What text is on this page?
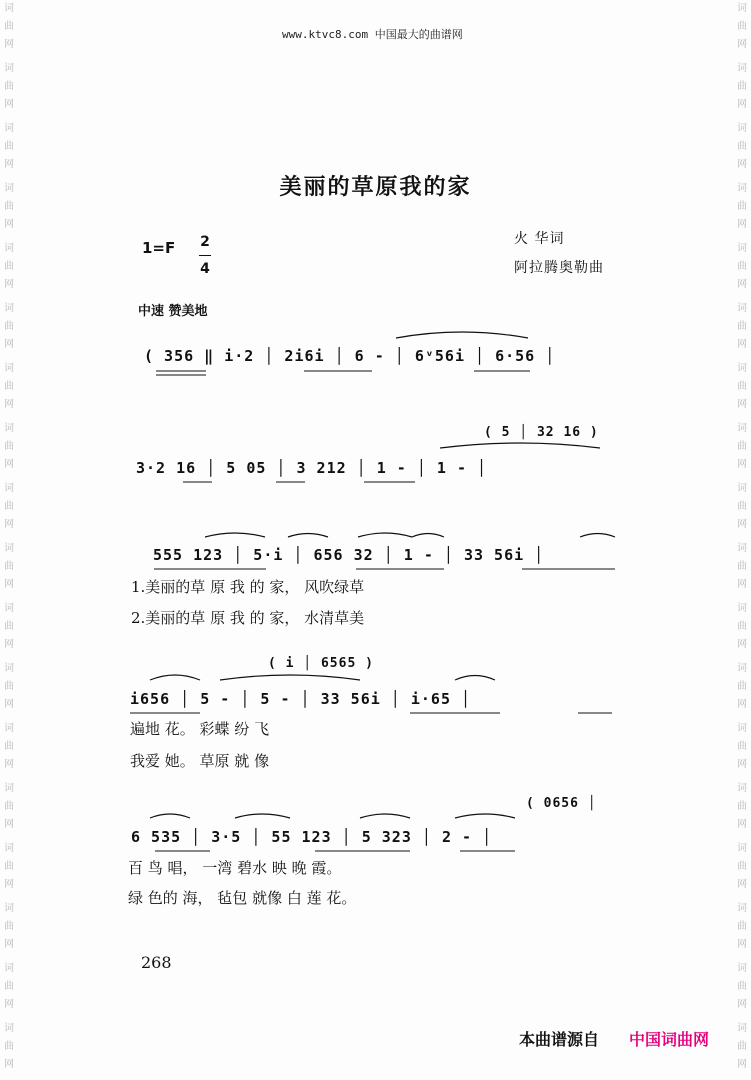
词
曲
网
词
曲
网
词
曲
网
词
曲
网
词
曲
网
词
曲
网
词
曲
网
词
曲
网
词
曲
网
词
曲
网
词
曲
网
词
曲
网
词
曲
网
词
曲
网
词
曲
网
词
曲
网
词
曲
网
词
曲
网
词
曲
网
词
曲
网
词
曲
网
词
曲
网
词
曲
网
词
曲
网
词
曲
网
词
曲
网
词
曲
网
词
曲
网
词
曲
网
词
曲
网
词
曲
网
词
曲
网
词
曲
网
词
曲
网
词
曲
网
词
曲
网
www.ktvc8.com 中国最大的曲谱网
美丽的草原我的家
1=F 2
4
火 华词
阿拉腾奥勒曲
中速 赞美地
( 356 ‖ i·2 │ 2i6i │ 6 - │ 6ᵛ56i │ 6·56 │
( 5 │ 32 16 )
3·2 16 │ 5 05 │ 3 212 │ 1 - │ 1 - │
555 123 │ 5·i │ 656 32 │ 1 - │ 33 56i │
1.美丽的草 原 我 的 家， 风吹绿草
2.美丽的草 原 我 的 家， 水清草美
( i │ 6565 )
i656 │ 5 - │ 5 - │ 33 56i │ i·65 │
遍地 花。 彩蝶 纷 飞
我爱 她。 草原 就 像
( 0656 │
6 535 │ 3·5 │ 55 123 │ 5 323 │ 2 - │
百 鸟 唱， 一湾 碧水 映 晚 霞。
绿 色的 海， 毡包 就像 白 莲 花。
268
本曲谱源自 中国词曲网
